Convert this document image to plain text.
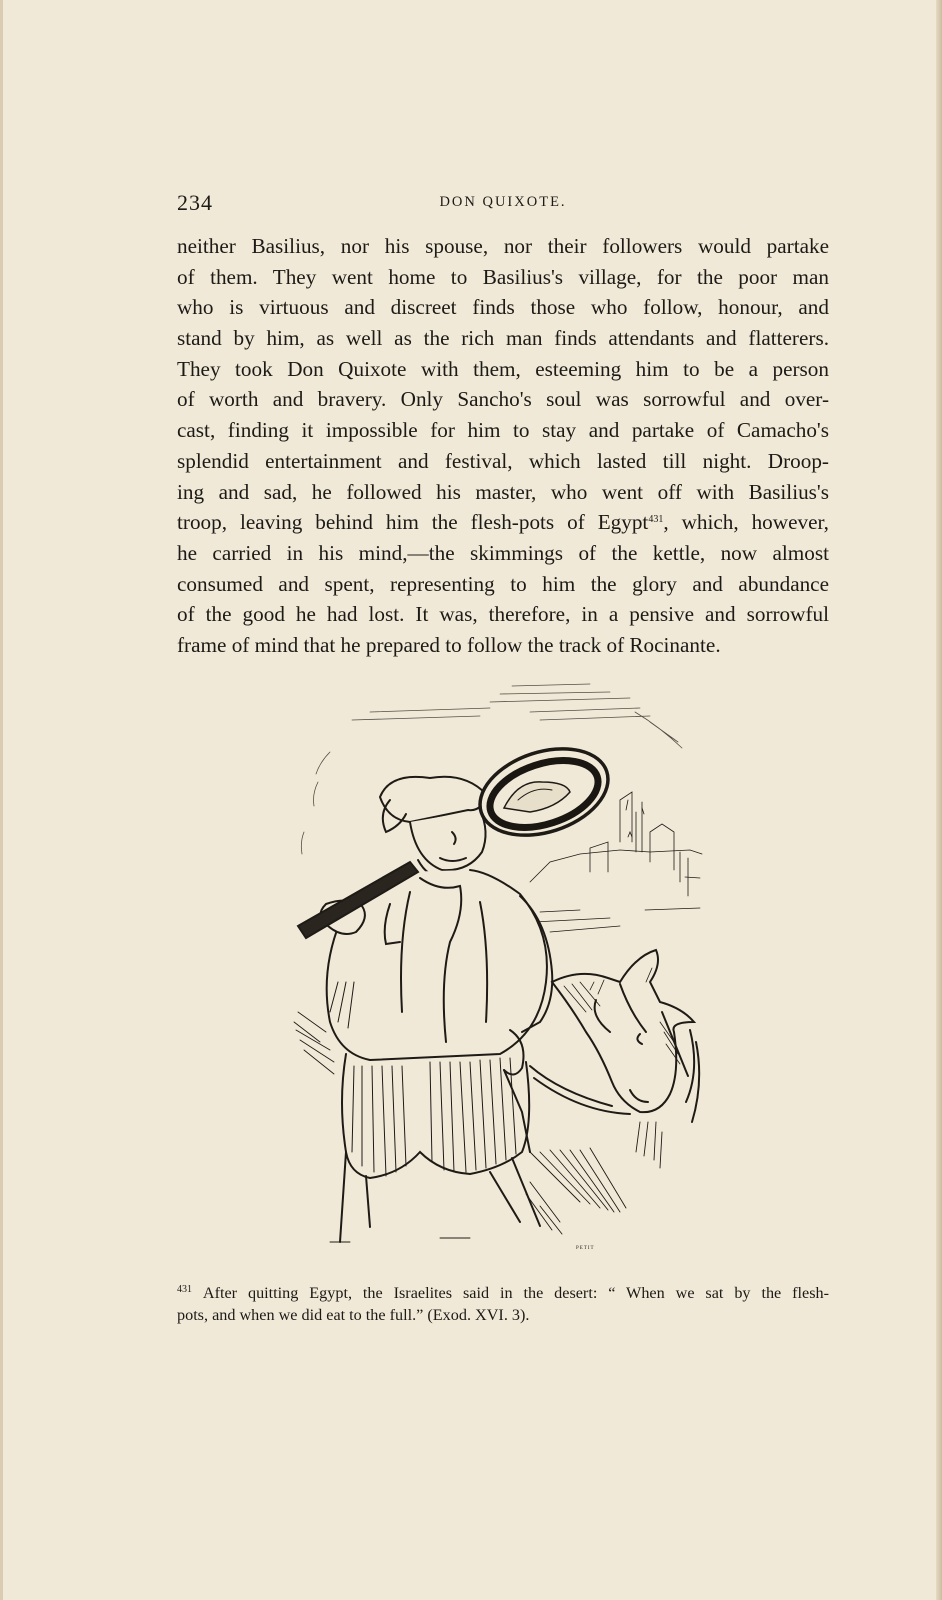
234	DON QUIXOTE.
neither Basilius, nor his spouse, nor their followers would partake
of them. They went home to Basilius's village, for the poor man
who is virtuous and discreet finds those who follow, honour, and
stand by him, as well as the rich man finds attendants and flatterers.
They took Don Quixote with them, esteeming him to be a person
of worth and bravery. Only Sancho's soul was sorrowful and over-
cast, finding it impossible for him to stay and partake of Camacho's
splendid entertainment and festival, which lasted till night. Droop-
ing and sad, he followed his master, who went off with Basilius's
troop, leaving behind him the flesh-pots of Egypt$^{431}$, which, however,
he carried in his mind,—the skimmings of the kettle, now almost
consumed and spent, representing to him the glory and abundance
of the good he had lost. It was, therefore, in a pensive and sorrowful
frame of mind that he prepared to follow the track of Rocinante.
PETIT
$^{431}$ After quitting Egypt, the Israelites said in the desert: “ When we sat by the flesh-
pots, and when we did eat to the full.” (Exod. XVI. 3).
